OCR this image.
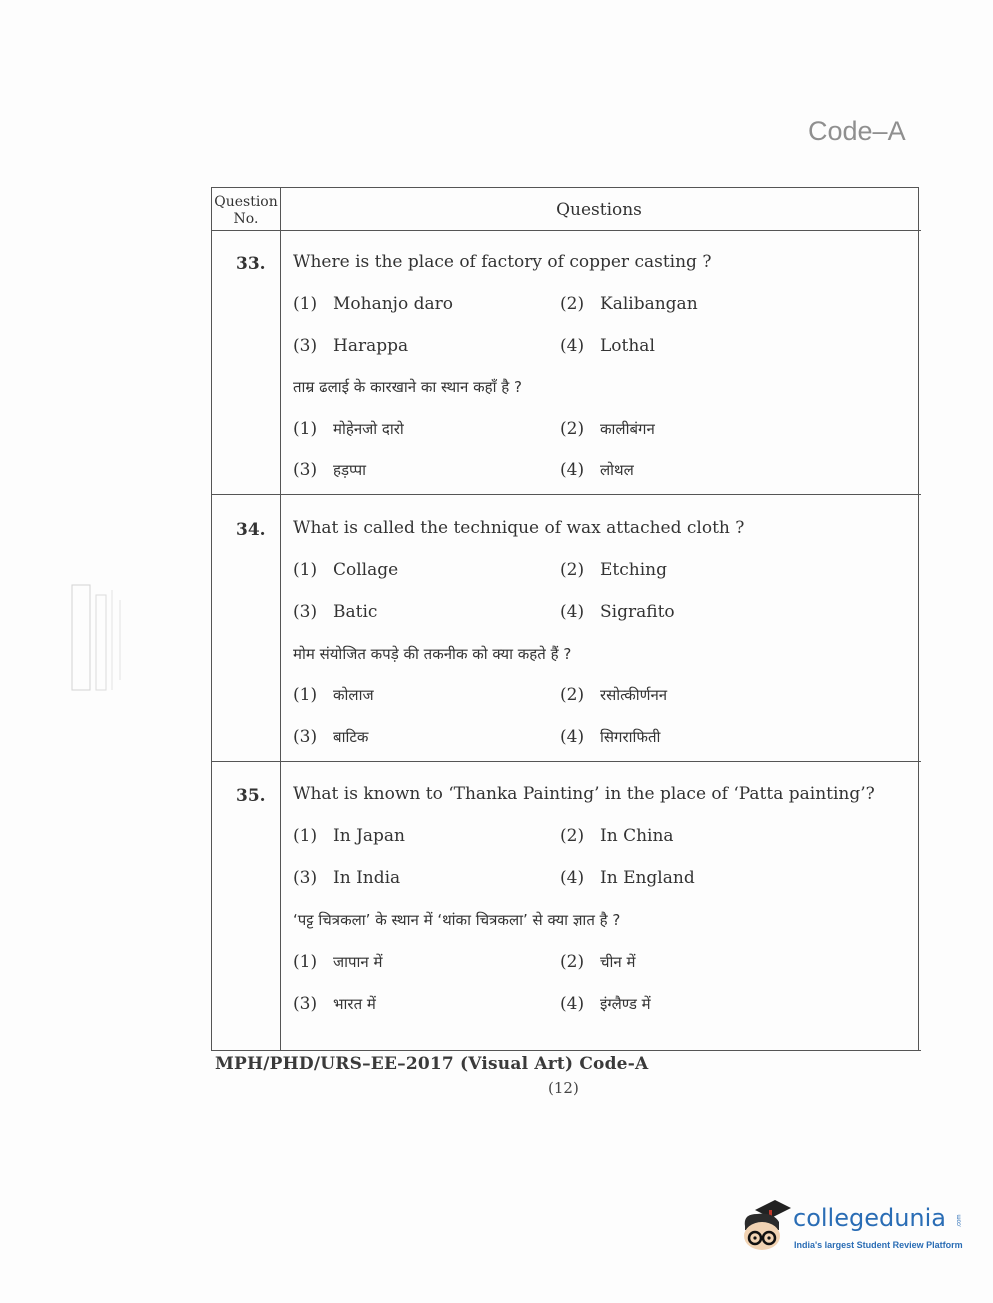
Code–A
Question
No.	Questions
33. Where is the place of factory of copper casting ?
(1) Mohanjo daro	(2) Kalibangan
(3) Harappa	(4) Lothal
ताम्र ढलाई के कारखाने का स्थान कहाँ है ?
(1) मोहेनजो दारो	(2) कालीबंगन
(3) हड़प्पा	(4) लोथल
34. What is called the technique of wax attached cloth ?
(1) Collage	(2) Etching
(3) Batic	(4) Sigrafito
मोम संयोजित कपड़े की तकनीक को क्या कहते हैं ?
(1) कोलाज	(2) रसोत्कीर्णनन
(3) बाटिक	(4) सिगराफिती
35. What is known to ‘Thanka Painting’ in the place of ‘Patta painting’?
(1) In Japan	(2) In China
(3) In India	(4) In England
‘पट्ट चित्रकला’ के स्थान में ‘थांका चित्रकला’ से क्या ज्ञात है ?
(1) जापान में	(2) चीन में
(3) भारत में	(4) इंग्लैण्ड में
MPH/PHD/URS–EE–2017 (Visual Art) Code-A
(12)
collegedunia .com
India's largest Student Review Platform
